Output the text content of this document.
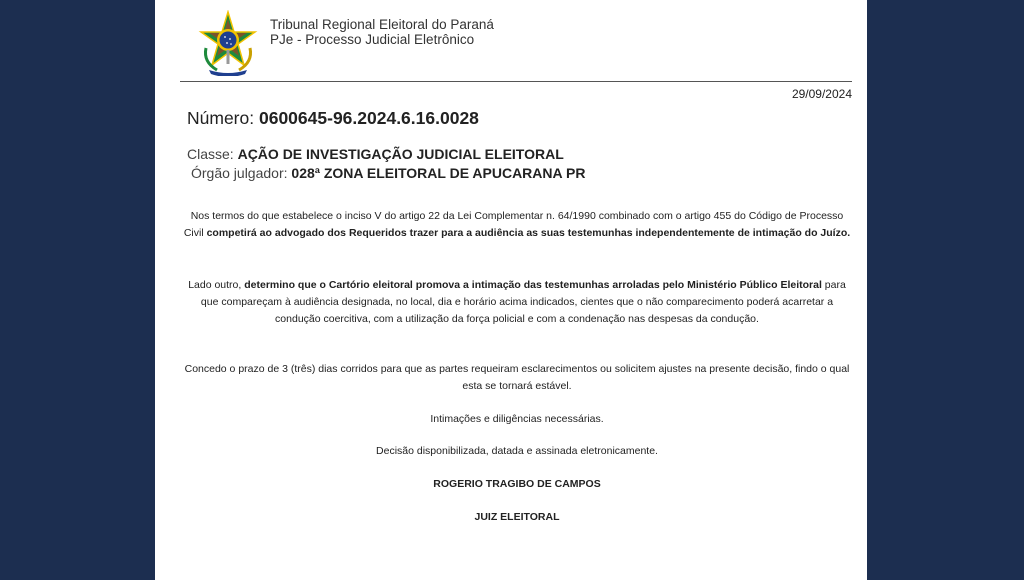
Tribunal Regional Eleitoral do Paraná
PJe - Processo Judicial Eletrônico
29/09/2024
Número: 0600645-96.2024.6.16.0028
Classe: AÇÃO DE INVESTIGAÇÃO JUDICIAL ELEITORAL
Órgão julgador: 028ª ZONA ELEITORAL DE APUCARANA PR
Nos termos do que estabelece o inciso V do artigo 22 da Lei Complementar n. 64/1990 combinado com o artigo 455 do Código de Processo Civil competirá ao advogado dos Requeridos trazer para a audiência as suas testemunhas independentemente de intimação do Juízo.
Lado outro, determino que o Cartório eleitoral promova a intimação das testemunhas arroladas pelo Ministério Público Eleitoral para que compareçam à audiência designada, no local, dia e horário acima indicados, cientes que o não comparecimento poderá acarretar a condução coercitiva, com a utilização da força policial e com a condenação nas despesas da condução.
Concedo o prazo de 3 (três) dias corridos para que as partes requeiram esclarecimentos ou solicitem ajustes na presente decisão, findo o qual esta se tornará estável.
Intimações e diligências necessárias.
Decisão disponibilizada, datada e assinada eletronicamente.
ROGERIO TRAGIBO DE CAMPOS
JUIZ ELEITORAL
